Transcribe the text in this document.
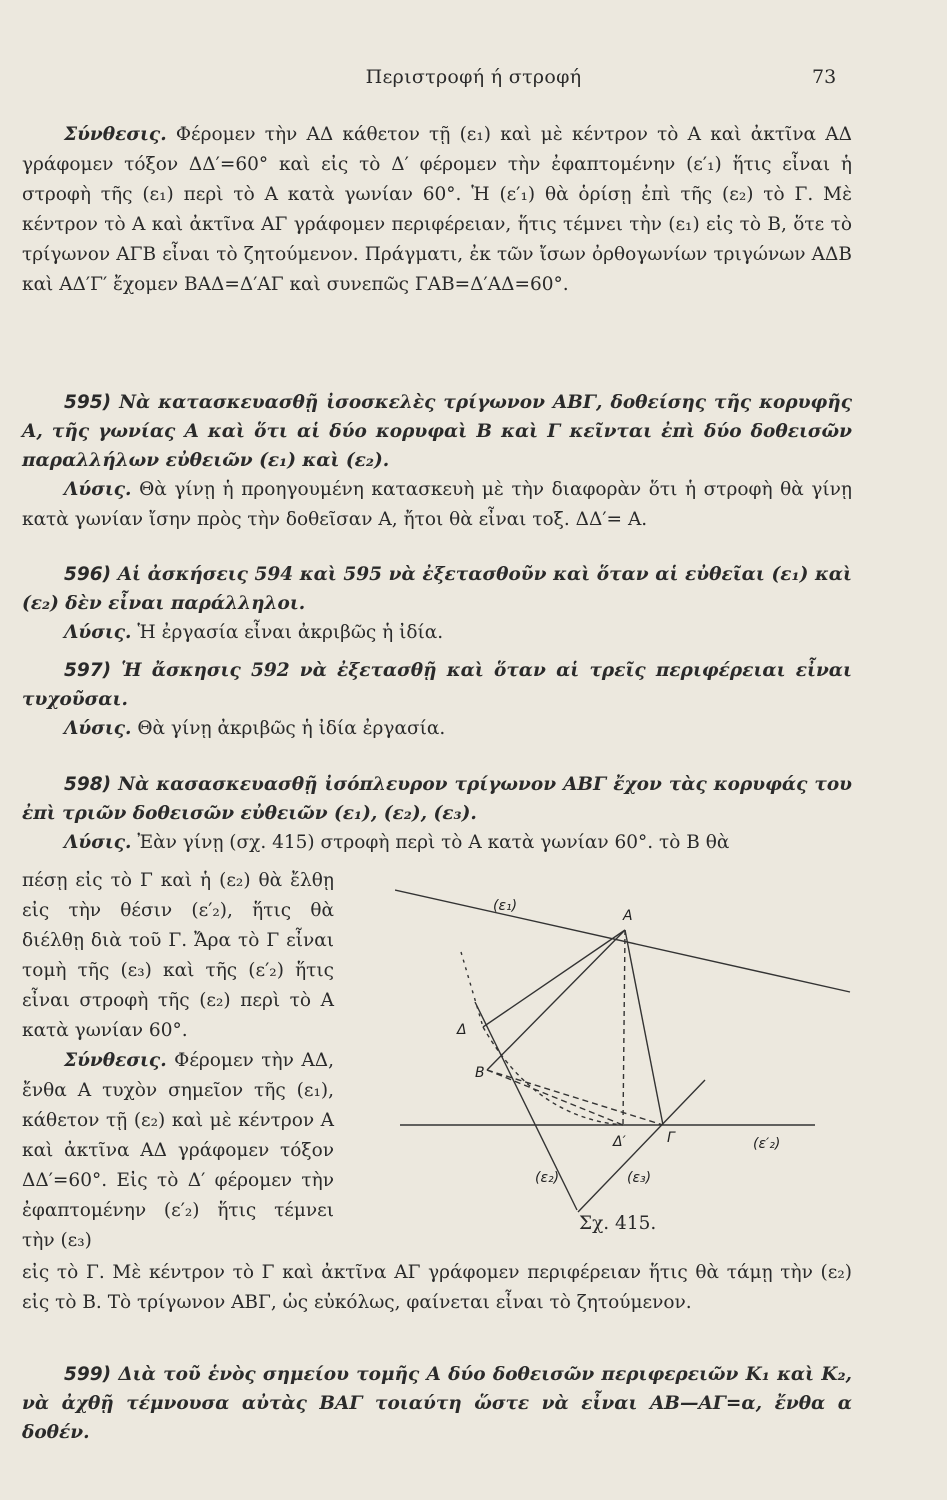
Περιστροφή ή στροφή	73

Σύνθεσις. Φέρομεν τὴν ΑΔ κάθετον τῇ (ε₁) καὶ μὲ κέντρον τὸ Α καὶ ἀκτῖνα ΑΔ γράφομεν τόξον ΔΔ′=60° καὶ εἰς τὸ Δ′ φέρομεν τὴν ἐφαπτομένην (ε′₁) ἥτις εἶναι ἡ στροφὴ τῆς (ε₁) περὶ τὸ Α κατὰ γωνίαν 60°. Ἡ (ε′₁) θὰ ὁρίσῃ ἐπὶ τῆς (ε₂) τὸ Γ. Μὲ κέντρον τὸ Α καὶ ἀκτῖνα ΑΓ γράφομεν περιφέρειαν, ἥτις τέμνει τὴν (ε₁) εἰς τὸ Β, ὅτε τὸ τρίγωνον ΑΓΒ εἶναι τὸ ζητούμενον. Πράγματι, ἐκ τῶν ἴσων ὀρθογωνίων τριγώνων ΑΔΒ καὶ ΑΔ′Γ′ ἔχομεν ΒΑΔ=Δ′ΑΓ καὶ συνεπῶς ΓΑΒ=Δ′ΑΔ=60°.

595) Νὰ κατασκευασθῇ ἰσοσκελὲς τρίγωνον ΑΒΓ, δοθείσης τῆς κορυφῆς Α, τῆς γωνίας Α καὶ ὅτι αἱ δύο κορυφαὶ Β καὶ Γ κεῖνται ἐπὶ δύο δοθεισῶν παραλλήλων εὐθειῶν (ε₁) καὶ (ε₂).

Λύσις. Θὰ γίνῃ ἡ προηγουμένη κατασκευὴ μὲ τὴν διαφορὰν ὅτι ἡ στροφὴ θὰ γίνῃ κατὰ γωνίαν ἴσην πρὸς τὴν δοθεῖσαν Α, ἤτοι θὰ εἶναι τοξ. ΔΔ′= Α.

596) Αἱ ἀσκήσεις 594 καὶ 595 νὰ ἐξετασθοῦν καὶ ὅταν αἱ εὐθεῖαι (ε₁) καὶ (ε₂) δὲν εἶναι παράλληλοι.

Λύσις. Ἡ ἐργασία εἶναι ἀκριβῶς ἡ ἰδία.

597) Ἡ ἄσκησις 592 νὰ ἐξετασθῇ καὶ ὅταν αἱ τρεῖς περιφέρειαι εἶναι τυχοῦσαι.

Λύσις. Θὰ γίνῃ ἀκριβῶς ἡ ἰδία ἐργασία.

598) Νὰ κασασκευασθῇ ἰσόπλευρον τρίγωνον ΑΒΓ ἔχον τὰς κορυφάς του ἐπὶ τριῶν δοθεισῶν εὐθειῶν (ε₁), (ε₂), (ε₃).

Λύσις. Ἐὰν γίνῃ (σχ. 415) στροφὴ περὶ τὸ Α κατὰ γωνίαν 60°. τὸ Β θὰ

πέσῃ εἰς τὸ Γ καὶ ἡ (ε₂) θὰ ἔλθῃ εἰς τὴν θέσιν (ε′₂), ἥτις θὰ διέλθῃ διὰ τοῦ Γ. Ἄρα τὸ Γ εἶναι τομὴ τῆς (ε₃) καὶ τῆς (ε′₂) ἥτις εἶναι στροφὴ τῆς (ε₂) περὶ τὸ Α κατὰ γωνίαν 60°.

Σύνθεσις. Φέρομεν τὴν ΑΔ, ἔνθα Α τυχὸν σημεῖον τῆς (ε₁), κάθετον τῇ (ε₂) καὶ μὲ κέντρον Α καὶ ἀκτῖνα ΑΔ γράφομεν τόξον ΔΔ′=60°. Εἰς τὸ Δ′ φέρομεν τὴν ἐφαπτομένην (ε′₂) ἥτις τέμνει τὴν (ε₃)

(ε₁)
Α
Δ
Β
Δ′	Γ	(ε′₂)
(ε₂)	(ε₃)
Σχ. 415.

εἰς τὸ Γ. Μὲ κέντρον τὸ Γ καὶ ἀκτῖνα ΑΓ γράφομεν περιφέρειαν ἥτις θὰ τάμῃ τὴν (ε₂) εἰς τὸ Β. Τὸ τρίγωνον ΑΒΓ, ὡς εὐκόλως, φαίνεται εἶναι τὸ ζητούμενον.

599) Διὰ τοῦ ἑνὸς σημείου τομῆς Α δύο δοθεισῶν περιφερειῶν Κ₁ καὶ Κ₂, νὰ ἀχθῇ τέμνουσα αὐτὰς ΒΑΓ τοιαύτη ὥστε νὰ εἶναι ΑΒ—ΑΓ=α, ἔνθα α δοθέν.
